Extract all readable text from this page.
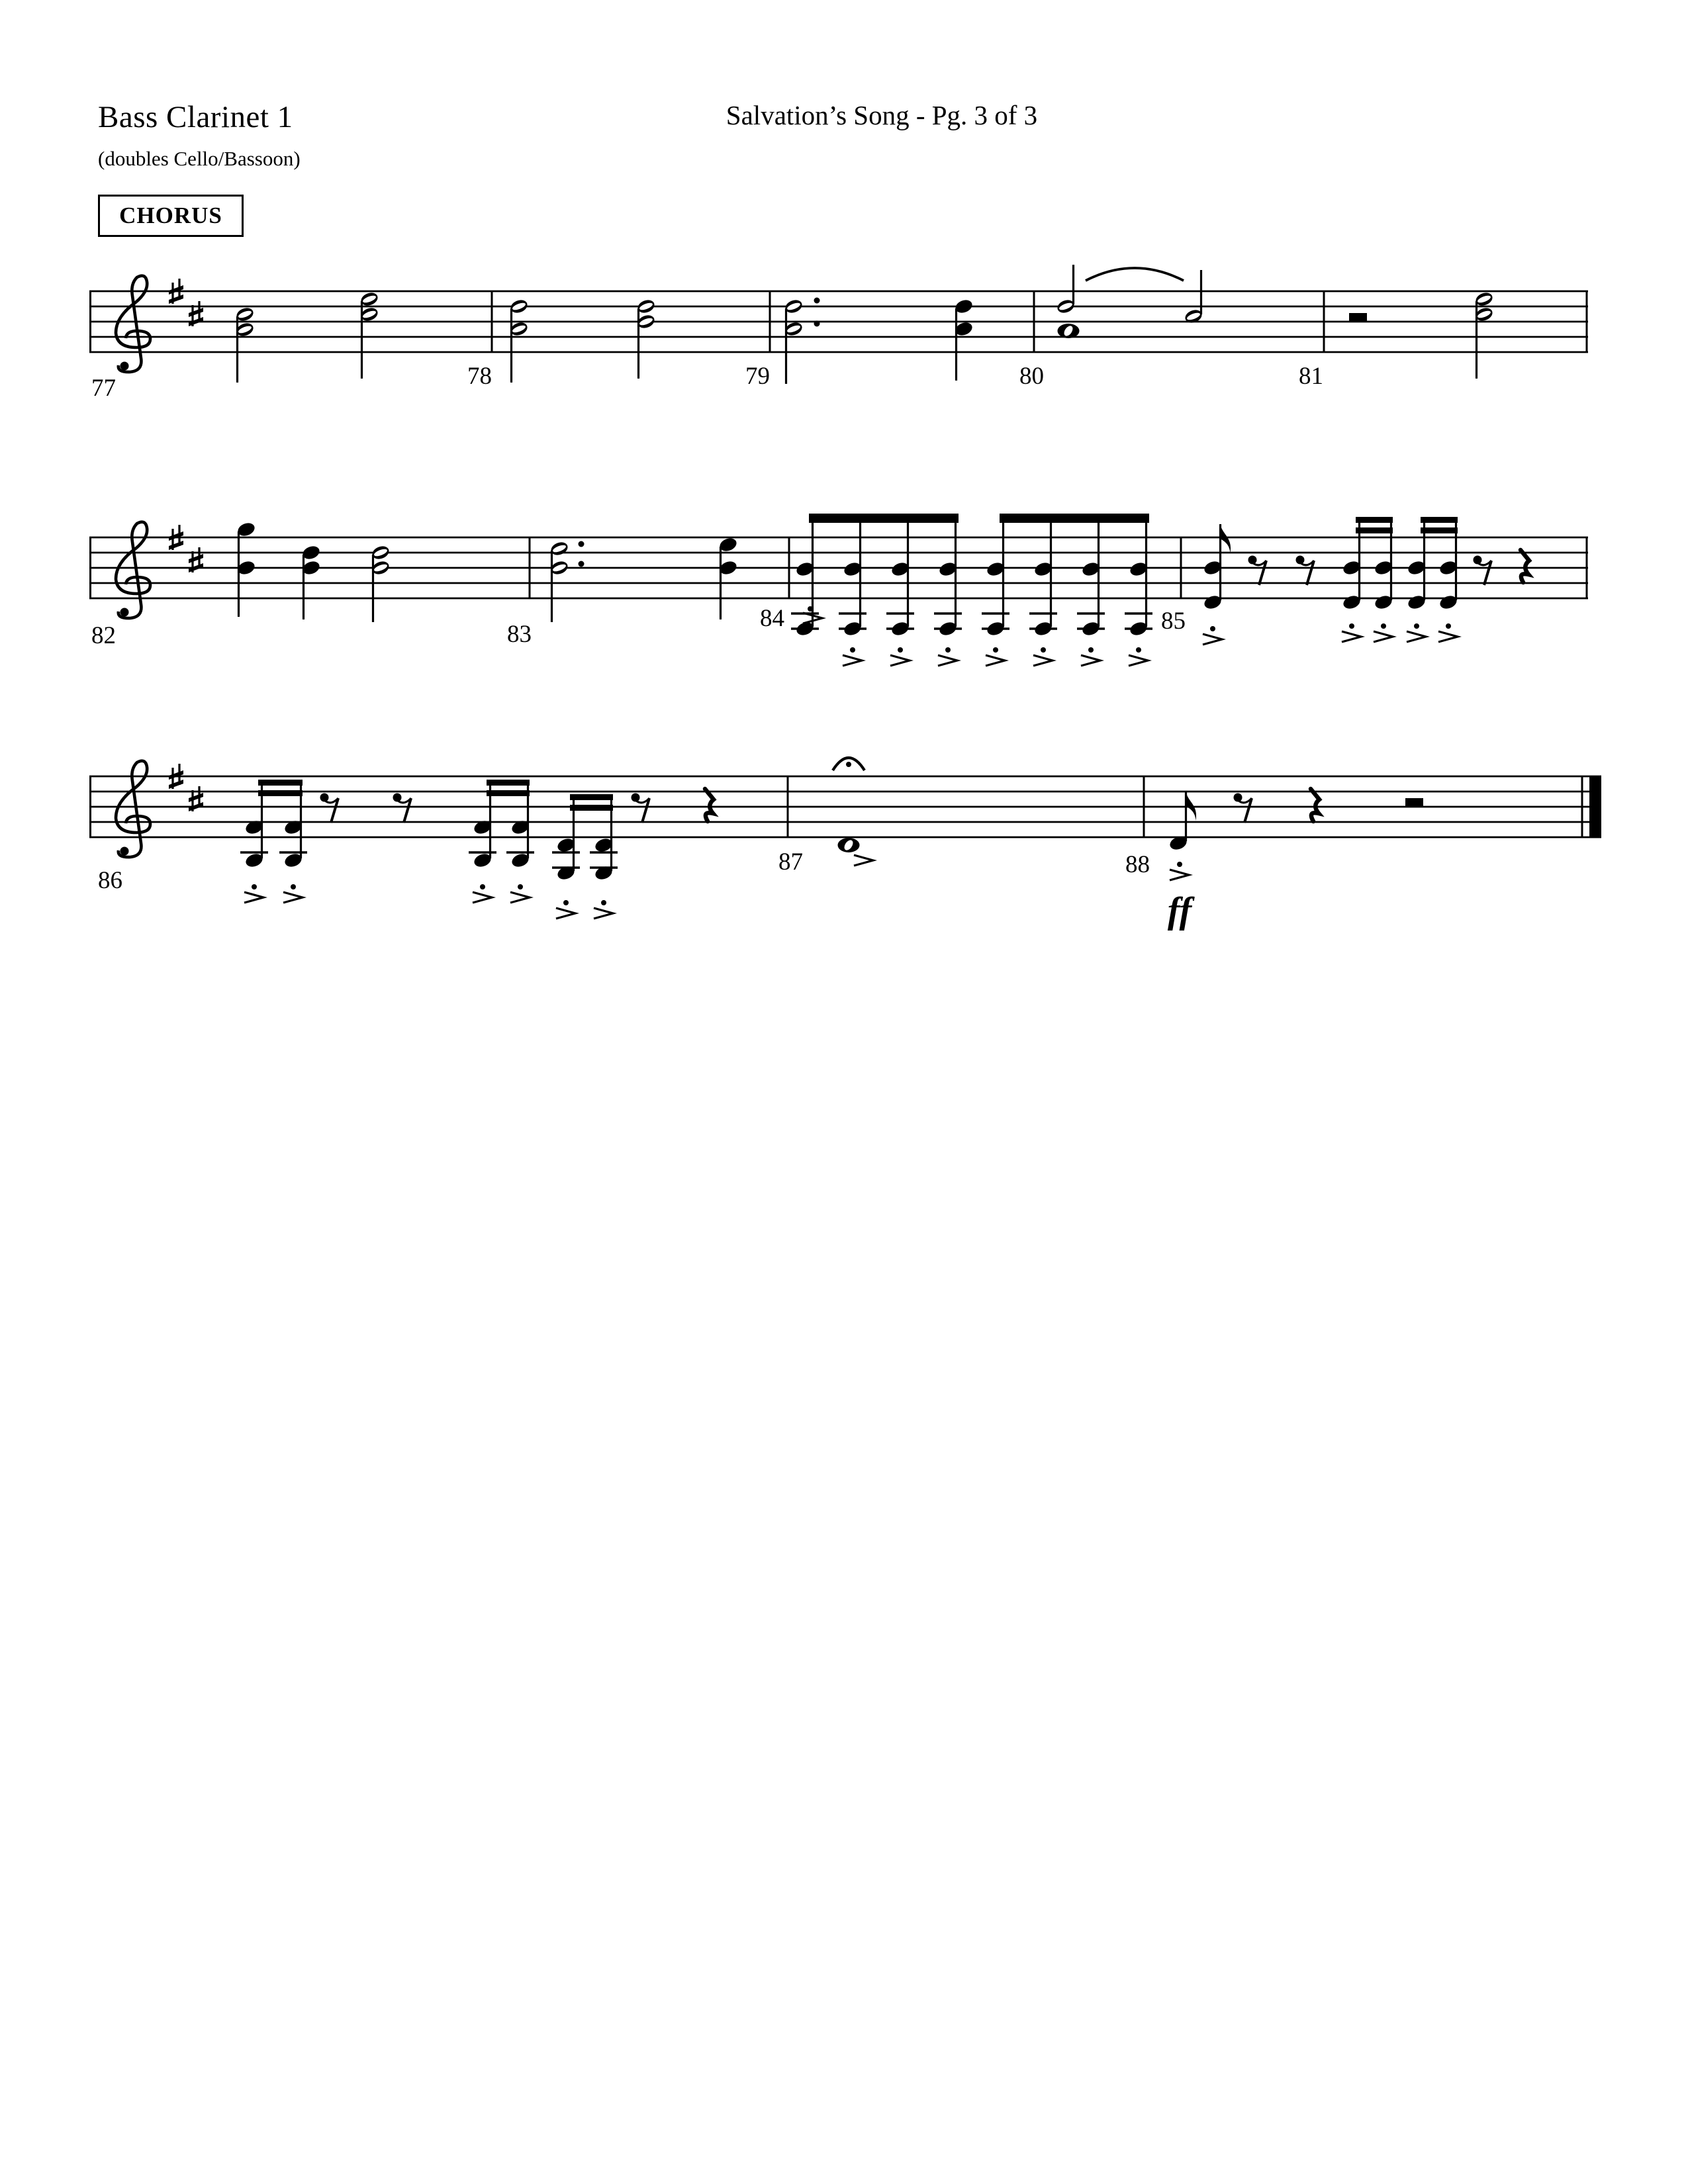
Bass Clarinet 1
(doubles Cello/Bassoon)
Salvation’s Song - Pg. 3 of 3
CHORUS
77	78	79	80	81
82	83
84	85
86
87	88
ff
